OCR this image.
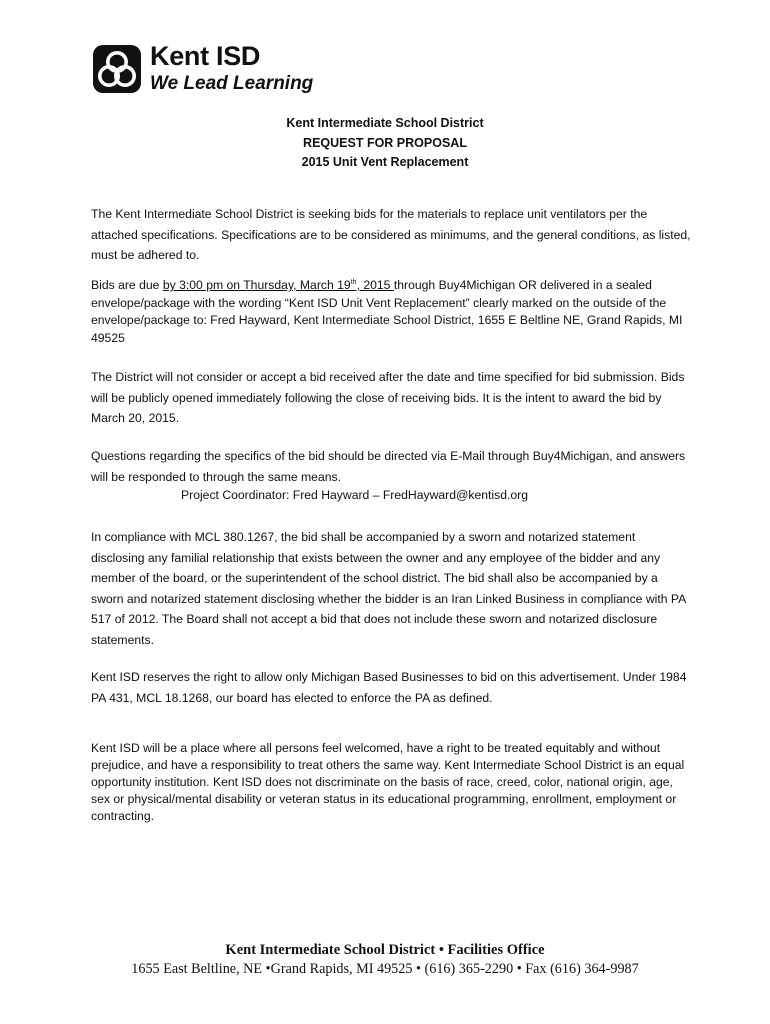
Kent ISD
We Lead Learning
Kent Intermediate School District
REQUEST FOR PROPOSAL
2015 Unit Vent Replacement

The Kent Intermediate School District is seeking bids for the materials to replace unit ventilators per the attached specifications. Specifications are to be considered as minimums, and the general conditions, as listed, must be adhered to.

Bids are due by 3:00 pm on Thursday, March 19th, 2015 through Buy4Michigan OR delivered in a sealed envelope/package with the wording “Kent ISD Unit Vent Replacement” clearly marked on the outside of the envelope/package to: Fred Hayward, Kent Intermediate School District, 1655 E Beltline NE, Grand Rapids, MI 49525

The District will not consider or accept a bid received after the date and time specified for bid submission. Bids will be publicly opened immediately following the close of receiving bids. It is the intent to award the bid by March 20, 2015.

Questions regarding the specifics of the bid should be directed via E-Mail through Buy4Michigan, and answers will be responded to through the same means.

Project Coordinator: Fred Hayward – FredHayward@kentisd.org

In compliance with MCL 380.1267, the bid shall be accompanied by a sworn and notarized statement disclosing any familial relationship that exists between the owner and any employee of the bidder and any member of the board, or the superintendent of the school district. The bid shall also be accompanied by a sworn and notarized statement disclosing whether the bidder is an Iran Linked Business in compliance with PA 517 of 2012. The Board shall not accept a bid that does not include these sworn and notarized disclosure statements.

Kent ISD reserves the right to allow only Michigan Based Businesses to bid on this advertisement. Under 1984 PA 431, MCL 18.1268, our board has elected to enforce the PA as defined.

Kent ISD will be a place where all persons feel welcomed, have a right to be treated equitably and without prejudice, and have a responsibility to treat others the same way. Kent Intermediate School District is an equal opportunity institution. Kent ISD does not discriminate on the basis of race, creed, color, national origin, age, sex or physical/mental disability or veteran status in its educational programming, enrollment, employment or contracting.

Kent Intermediate School District • Facilities Office
1655 East Beltline, NE •Grand Rapids, MI 49525 • (616) 365-2290 • Fax (616) 364-9987
